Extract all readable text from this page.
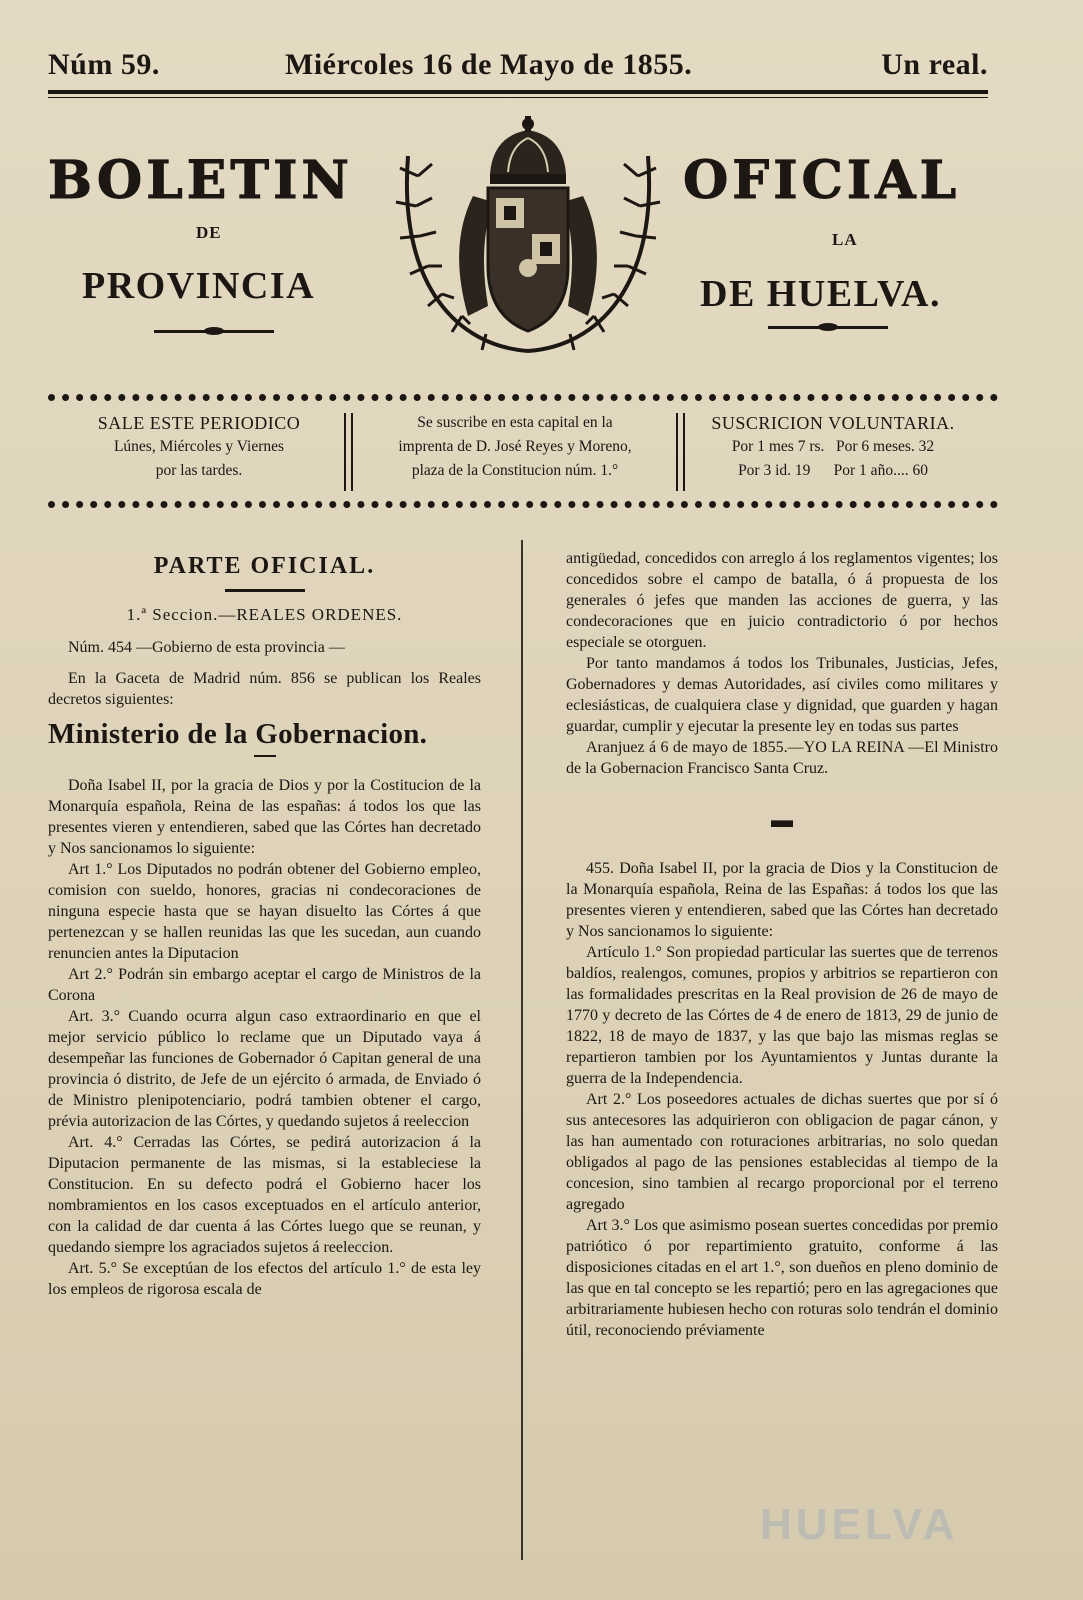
Núm 59.	Miércoles 16 de Mayo de 1855.	Un real.
BOLETIN	OFICIAL
DE	LA
PROVINCIA	DE HUELVA.
SALE ESTE PERIODICO
Lúnes, Miércoles y Viernes
por las tardes.
Se suscribe en esta capital en la
imprenta de D. José Reyes y Moreno,
plaza de la Constitucion núm. 1.°
SUSCRICION VOLUNTARIA.
Por 1 mes 7 rs.   Por 6 meses. 32
Por 3 id. 19      Por 1 año.... 60
PARTE OFICIAL.
1.ª Seccion.—REALES ORDENES.
Núm. 454 —Gobierno de esta provincia —

En la Gaceta de Madrid núm. 856 se publican los Reales decretos siguientes:

Ministerio de la Gobernacion.

Doña Isabel II, por la gracia de Dios y por la Costitucion de la Monarquía española, Reina de las españas: á todos los que las presentes vieren y entendieren, sabed que las Córtes han decretado y Nos sancionamos lo siguiente:

Art 1.° Los Diputados no podrán obtener del Gobierno empleo, comision con sueldo, honores, gracias ni condecoraciones de ninguna especie hasta que se hayan disuelto las Córtes á que pertenezcan y se hallen reunidas las que les sucedan, aun cuando renuncien antes la Diputacion

Art 2.° Podrán sin embargo aceptar el cargo de Ministros de la Corona

Art. 3.° Cuando ocurra algun caso extraordinario en que el mejor servicio público lo reclame que un Diputado vaya á desempeñar las funciones de Gobernador ó Capitan general de una provincia ó distrito, de Jefe de un ejército ó armada, de Enviado ó de Ministro plenipotenciario, podrá tambien obtener el cargo, prévia autorizacion de las Córtes, y quedando sujetos á reeleccion

Art. 4.° Cerradas las Córtes, se pedirá autorizacion á la Diputacion permanente de las mismas, si la estableciese la Constitucion. En su defecto podrá el Gobierno hacer los nombramientos en los casos exceptuados en el artículo anterior, con la calidad de dar cuenta á las Córtes luego que se reunan, y quedando siempre los agraciados sujetos á reeleccion.

Art. 5.° Se exceptúan de los efectos del artículo 1.° de esta ley los empleos de rigorosa escala de

antigüedad, concedidos con arreglo á los reglamentos vigentes; los concedidos sobre el campo de batalla, ó á propuesta de los generales ó jefes que manden las acciones de guerra, y las condecoraciones que en juicio contradictorio ó por hechos especiale se otorguen.

Por tanto mandamos á todos los Tribunales, Justicias, Jefes, Gobernadores y demas Autoridades, así civiles como militares y eclesiásticas, de cualquiera clase y dignidad, que guarden y hagan guardar, cumplir y ejecutar la presente ley en todas sus partes

Aranjuez á 6 de mayo de 1855.—YO LA REINA —El Ministro de la Gobernacion Francisco Santa Cruz.

▬

455. Doña Isabel II, por la gracia de Dios y la Constitucion de la Monarquía española, Reina de las Españas: á todos los que las presentes vieren y entendieren, sabed que las Córtes han decretado y Nos sancionamos lo siguiente:

Artículo 1.° Son propiedad particular las suertes que de terrenos baldíos, realengos, comunes, propios y arbitrios se repartieron con las formalidades prescritas en la Real provision de 26 de mayo de 1770 y decreto de las Córtes de 4 de enero de 1813, 29 de junio de 1822, 18 de mayo de 1837, y las que bajo las mismas reglas se repartieron tambien por los Ayuntamientos y Juntas durante la guerra de la Independencia.

Art 2.° Los poseedores actuales de dichas suertes que por sí ó sus antecesores las adquirieron con obligacion de pagar cánon, y las han aumentado con roturaciones arbitrarias, no solo quedan obligados al pago de las pensiones establecidas al tiempo de la concesion, sino tambien al recargo proporcional por el terreno agregado

Art 3.° Los que asimismo posean suertes concedidas por premio patriótico ó por repartimiento gratuito, conforme á las disposiciones citadas en el art 1.°, son dueños en pleno dominio de las que en tal concepto se les repartió; pero en las agregaciones que arbitrariamente hubiesen hecho con roturas solo tendrán el dominio útil, reconociendo préviamente

HUELVA
